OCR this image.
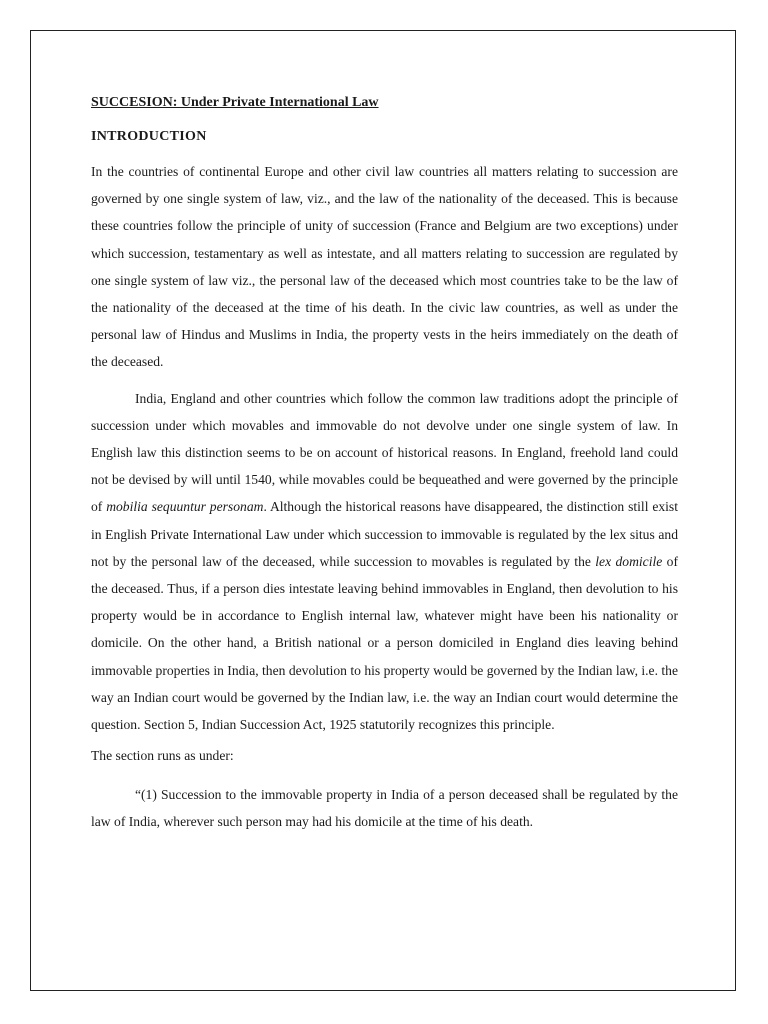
SUCCESION: Under Private International Law
INTRODUCTION

In the countries of continental Europe and other civil law countries all matters relating to succession are governed by one single system of law, viz., and the law of the nationality of the deceased. This is because these countries follow the principle of unity of succession (France and Belgium are two exceptions) under which succession, testamentary as well as intestate, and all matters relating to succession are regulated by one single system of law viz., the personal law of the deceased which most countries take to be the law of the nationality of the deceased at the time of his death. In the civic law countries, as well as under the personal law of Hindus and Muslims in India, the property vests in the heirs immediately on the death of the deceased.

India, England and other countries which follow the common law traditions adopt the principle of succession under which movables and immovable do not devolve under one single system of law. In English law this distinction seems to be on account of historical reasons. In England, freehold land could not be devised by will until 1540, while movables could be bequeathed and were governed by the principle of mobilia sequuntur personam. Although the historical reasons have disappeared, the distinction still exist in English Private International Law under which succession to immovable is regulated by the lex situs and not by the personal law of the deceased, while succession to movables is regulated by the lex domicile of the deceased. Thus, if a person dies intestate leaving behind immovables in England, then devolution to his property would be in accordance to English internal law, whatever might have been his nationality or domicile. On the other hand, a British national or a person domiciled in England dies leaving behind immovable properties in India, then devolution to his property would be governed by the Indian law, i.e. the way an Indian court would be governed by the Indian law, i.e. the way an Indian court would determine the question. Section 5, Indian Succession Act, 1925 statutorily recognizes this principle.

The section runs as under:

“(1) Succession to the immovable property in India of a person deceased shall be regulated by the law of India, wherever such person may had his domicile at the time of his death.
